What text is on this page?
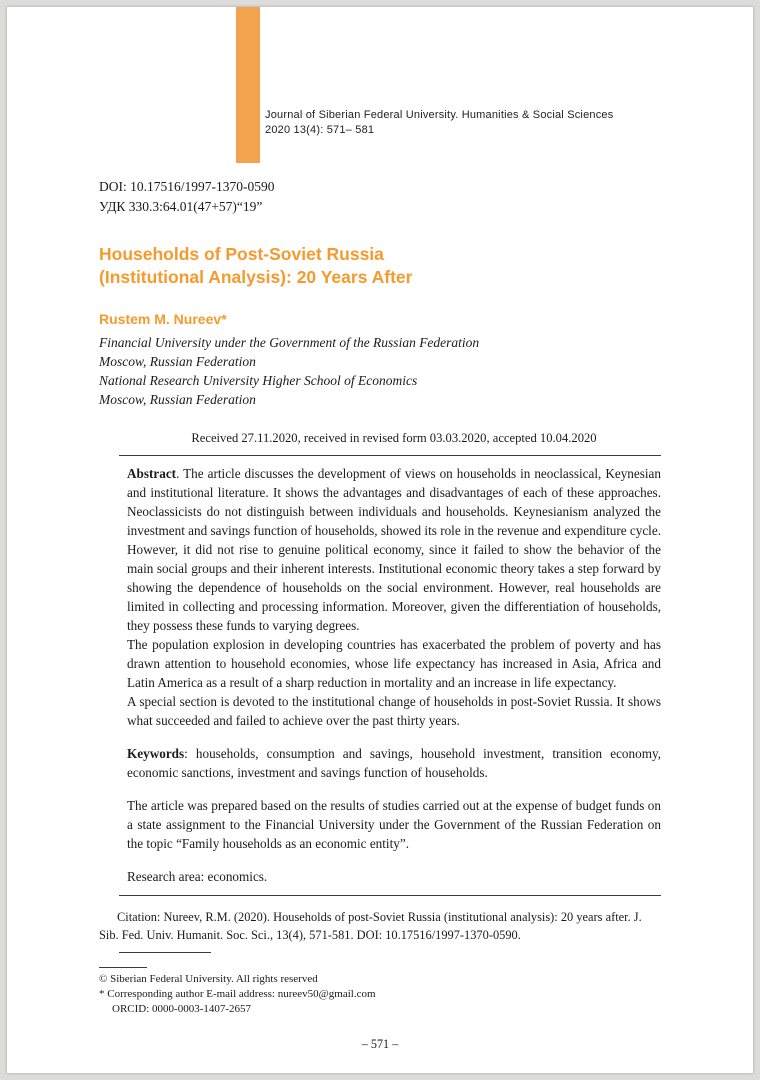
Journal of Siberian Federal University. Humanities & Social Sciences
2020 13(4): 571– 581
DOI: 10.17516/1997-1370-0590
УДК 330.3:64.01(47+57)“19”
Households of Post-Soviet Russia
(Institutional Analysis): 20 Years After
Rustem M. Nureev*
Financial University under the Government of the Russian Federation
Moscow, Russian Federation
National Research University Higher School of Economics
Moscow, Russian Federation
Received 27.11.2020, received in revised form 03.03.2020, accepted 10.04.2020

Abstract. The article discusses the development of views on households in neoclassical, Keynesian and institutional literature. It shows the advantages and disadvantages of each of these approaches. Neoclassicists do not distinguish between individuals and households. Keynesianism analyzed the investment and savings function of households, showed its role in the revenue and expenditure cycle. However, it did not rise to genuine political economy, since it failed to show the behavior of the main social groups and their inherent interests. Institutional economic theory takes a step forward by showing the dependence of households on the social environment. However, real households are limited in collecting and processing information. Moreover, given the differentiation of households, they possess these funds to varying degrees.

The population explosion in developing countries has exacerbated the problem of poverty and has drawn attention to household economies, whose life expectancy has increased in Asia, Africa and Latin America as a result of a sharp reduction in mortality and an increase in life expectancy.

A special section is devoted to the institutional change of households in post-Soviet Russia. It shows what succeeded and failed to achieve over the past thirty years.

Keywords: households, consumption and savings, household investment, transition economy, economic sanctions, investment and savings function of households.

The article was prepared based on the results of studies carried out at the expense of budget funds on a state assignment to the Financial University under the Government of the Russian Federation on the topic “Family households as an economic entity”.

Research area: economics.

Citation: Nureev, R.M. (2020). Households of post-Soviet Russia (institutional analysis): 20 years after. J. Sib. Fed. Univ. Humanit. Soc. Sci., 13(4), 571-581. DOI: 10.17516/1997-1370-0590.

© Siberian Federal University. All rights reserved
* Corresponding author E-mail address: nureev50@gmail.com
ORCID: 0000-0003-1407-2657
– 571 –
